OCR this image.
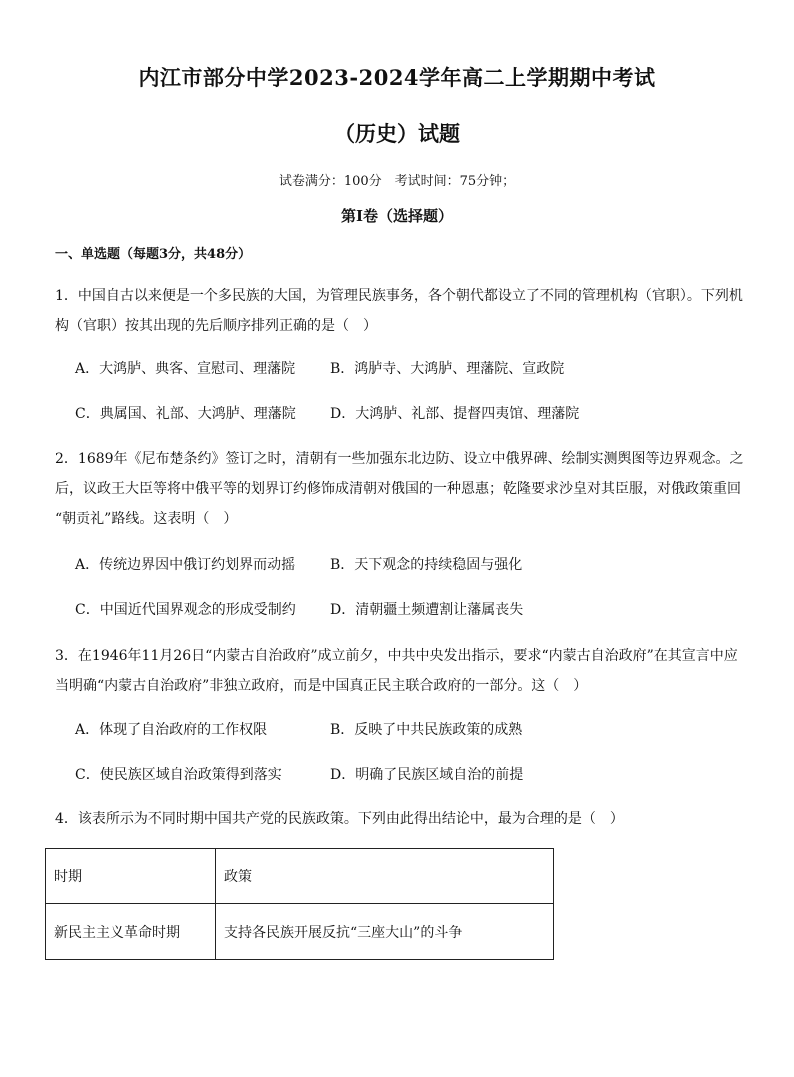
内江市部分中学2023-2024学年高二上学期期中考试
（历史）试题
试卷满分：100分　考试时间：75分钟；
第Ⅰ卷（选择题）
一、单选题（每题3分，共48分）
1．中国自古以来便是一个多民族的大国，为管理民族事务，各个朝代都设立了不同的管理机构（官职）。下列机
构（官职）按其出现的先后顺序排列正确的是（　）
A．大鸿胪、典客、宣慰司、理藩院 B．鸿胪寺、大鸿胪、理藩院、宣政院
C．典属国、礼部、大鸿胪、理藩院 D．大鸿胪、礼部、提督四夷馆、理藩院
2．1689年《尼布楚条约》签订之时，清朝有一些加强东北边防、设立中俄界碑、绘制实测舆图等边界观念。之
后，议政王大臣等将中俄平等的划界订约修饰成清朝对俄国的一种恩惠；乾隆要求沙皇对其臣服，对俄政策重回
“朝贡礼”路线。这表明（　）
A．传统边界因中俄订约划界而动摇 B．天下观念的持续稳固与强化
C．中国近代国界观念的形成受制约 D．清朝疆土频遭割让藩属丧失
3．在1946年11月26日“内蒙古自治政府”成立前夕，中共中央发出指示，要求“内蒙古自治政府”在其宣言中应
当明确“内蒙古自治政府”非独立政府，而是中国真正民主联合政府的一部分。这（　）
A．体现了自治政府的工作权限	B．反映了中共民族政策的成熟
C．使民族区域自治政策得到落实	D．明确了民族区域自治的前提
4．该表所示为不同时期中国共产党的民族政策。下列由此得出结论中，最为合理的是（　）
时期	政策
新民主主义革命时期	支持各民族开展反抗“三座大山”的斗争
